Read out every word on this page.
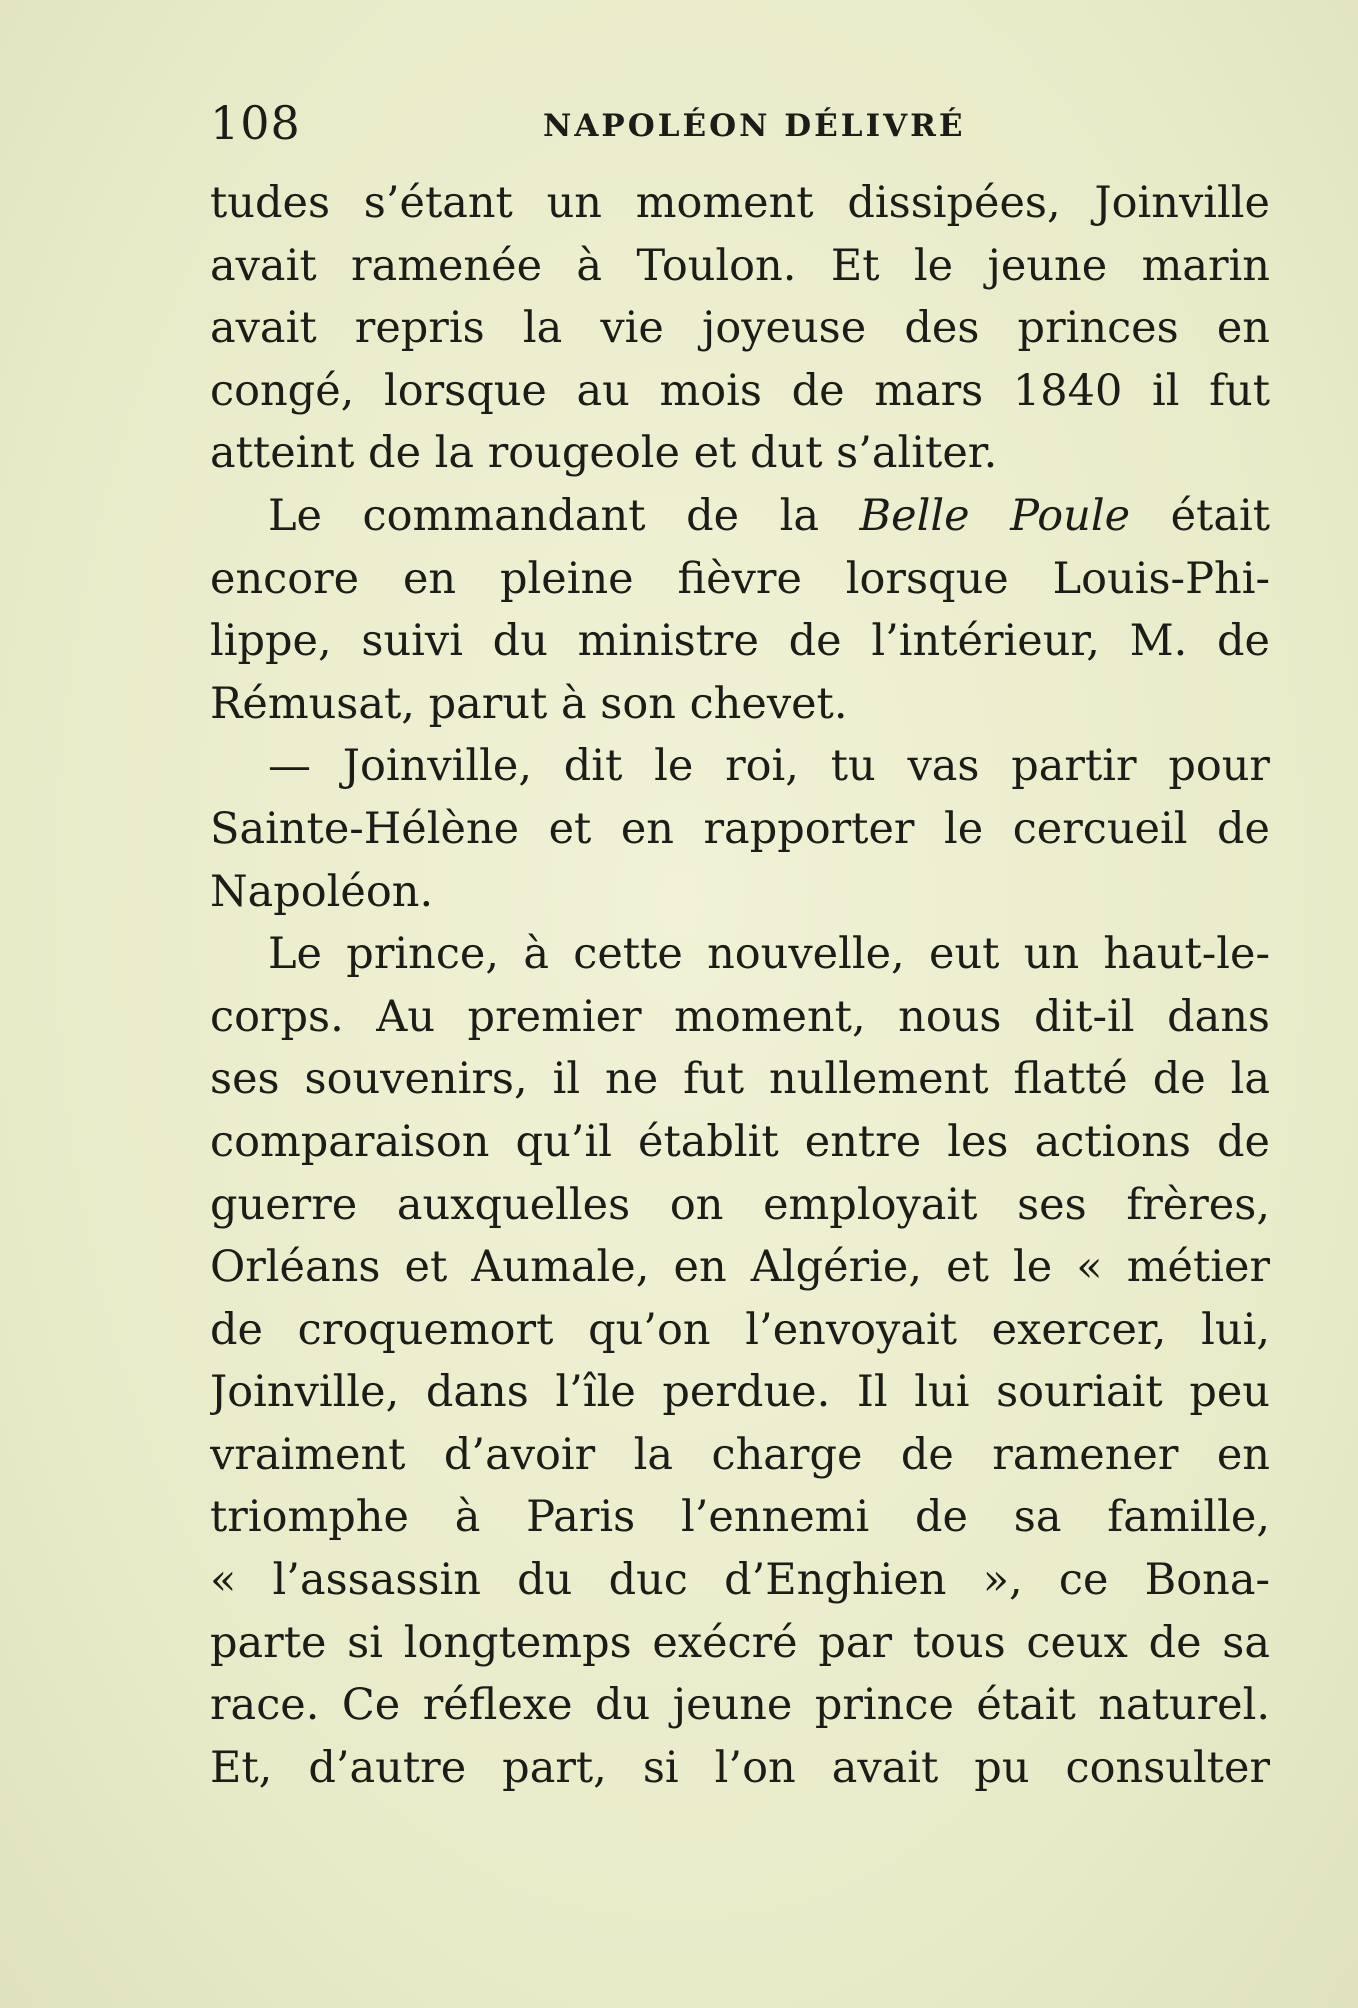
108	NAPOLÉON DÉLIVRÉ
tudes s’étant un moment dissipées, Joinville
avait ramenée à Toulon. Et le jeune marin
avait repris la vie joyeuse des princes en
congé, lorsque au mois de mars 1840 il fut
atteint de la rougeole et dut s’aliter.
Le commandant de la Belle Poule était
encore en pleine fièvre lorsque Louis-Phi-
lippe, suivi du ministre de l’intérieur, M. de
Rémusat, parut à son chevet.
— Joinville, dit le roi, tu vas partir pour
Sainte-Hélène et en rapporter le cercueil de
Napoléon.
Le prince, à cette nouvelle, eut un haut-le-
corps. Au premier moment, nous dit-il dans
ses souvenirs, il ne fut nullement flatté de la
comparaison qu’il établit entre les actions de
guerre auxquelles on employait ses frères,
Orléans et Aumale, en Algérie, et le « métier
de croquemort qu’on l’envoyait exercer, lui,
Joinville, dans l’île perdue. Il lui souriait peu
vraiment d’avoir la charge de ramener en
triomphe à Paris l’ennemi de sa famille,
« l’assassin du duc d’Enghien », ce Bona-
parte si longtemps exécré par tous ceux de sa
race. Ce réflexe du jeune prince était naturel.
Et, d’autre part, si l’on avait pu consulter
